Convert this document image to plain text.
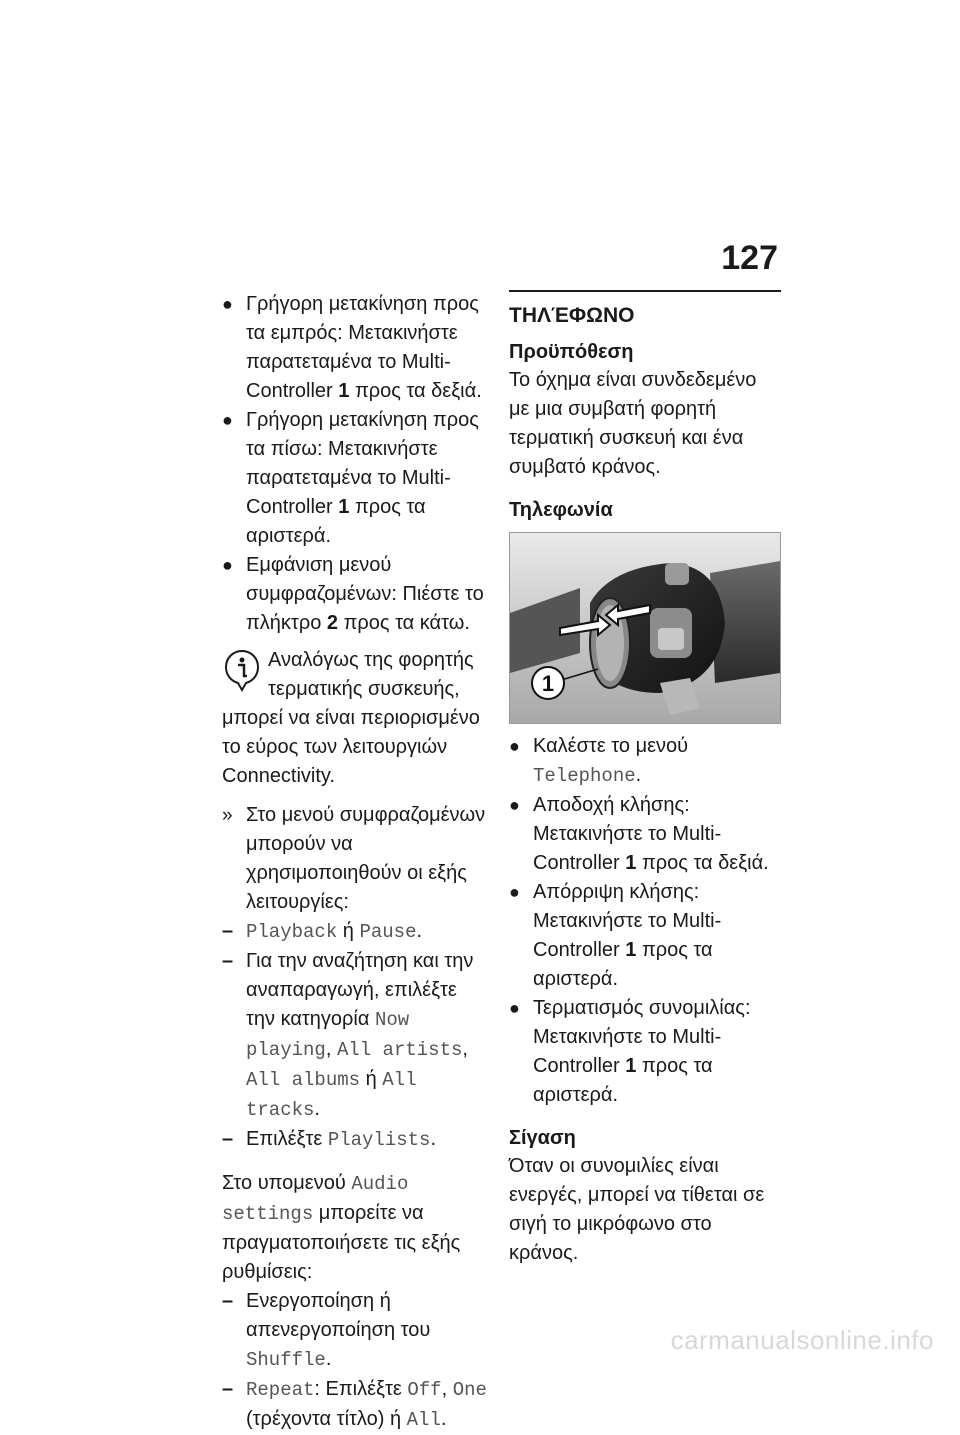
127

● Γρήγορη μετακίνηση προς τα εμπρός: Μετακινήστε παρατεταμένα το Multi-Controller 1 προς τα δεξιά.

● Γρήγορη μετακίνηση προς τα πίσω: Μετακινήστε παρατεταμένα το Multi-Controller 1 προς τα αριστερά.

● Εμφάνιση μενού συμφραζομένων: Πιέστε το πλήκτρο 2 προς τα κάτω.

Αναλόγως της φορητής τερματικής συσκευής, μπορεί να είναι περιορισμένο το εύρος των λειτουργιών Connectivity.

» Στο μενού συμφραζομένων μπορούν να χρησιμοποιηθούν οι εξής λειτουργίες:

– Playback ή Pause.

– Για την αναζήτηση και την αναπαραγωγή, επιλέξτε την κατηγορία Now playing, All artists, All albums ή All tracks.

– Επιλέξτε Playlists.

Στο υπομενού Audio settings μπορείτε να πραγματοποιήσετε τις εξής ρυθμίσεις:

– Ενεργοποίηση ή απενεργοποίηση του Shuffle.

– Repeat: Επιλέξτε Off, One (τρέχοντα τίτλο) ή All.

ΤΗΛΈΦΩΝΟ
Προϋπόθεση

Το όχημα είναι συνδεδεμένο με μια συμβατή φορητή τερματική συσκευή και ένα συμβατό κράνος.

Τηλεφωνία
1

● Καλέστε το μενού Telephone.

● Αποδοχή κλήσης: Μετακινήστε το Multi-Controller 1 προς τα δεξιά.

● Απόρριψη κλήσης: Μετακινήστε το Multi-Controller 1 προς τα αριστερά.

● Τερματισμός συνομιλίας: Μετακινήστε το Multi-Controller 1 προς τα αριστερά.

Σίγαση

Όταν οι συνομιλίες είναι ενεργές, μπορεί να τίθεται σε σιγή το μικρόφωνο στο κράνος.

carmanualsonline.info
